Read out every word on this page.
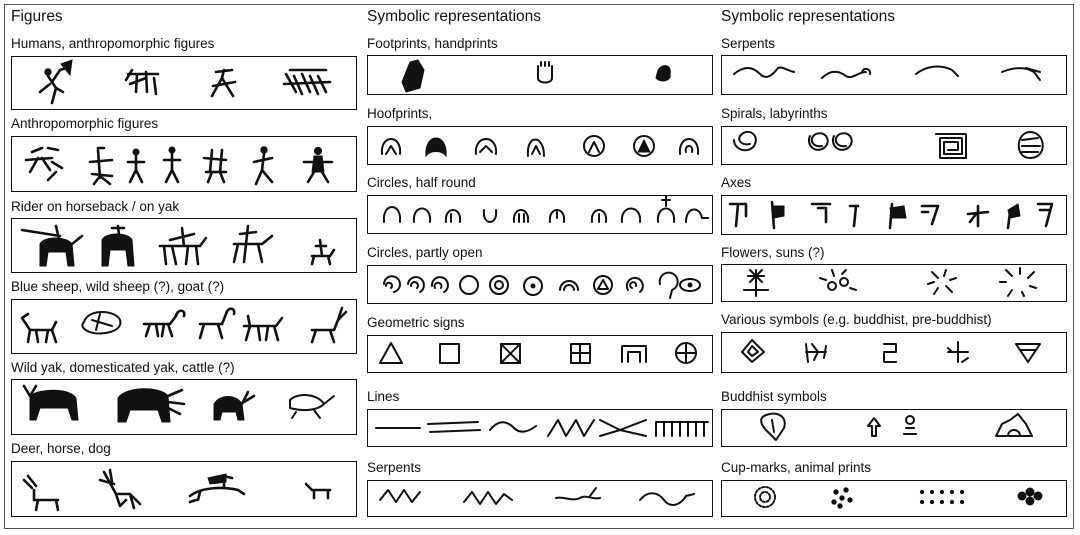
Figures
Humans, anthropomorphic figures
Anthropomorphic figures
Rider on horseback / on yak
Blue sheep, wild sheep (?), goat (?)
Wild yak, domesticated yak, cattle (?)
Deer, horse, dog
Symbolic representations
Footprints, handprints
Hoofprints,
Circles, half round
Circles, partly open
Geometric signs
Lines
Serpents
Symbolic representations
Serpents
Spirals, labyrinths
Axes
Flowers, suns (?)
Various symbols (e.g. buddhist, pre-buddhist)
Buddhist symbols
Cup-marks, animal prints
